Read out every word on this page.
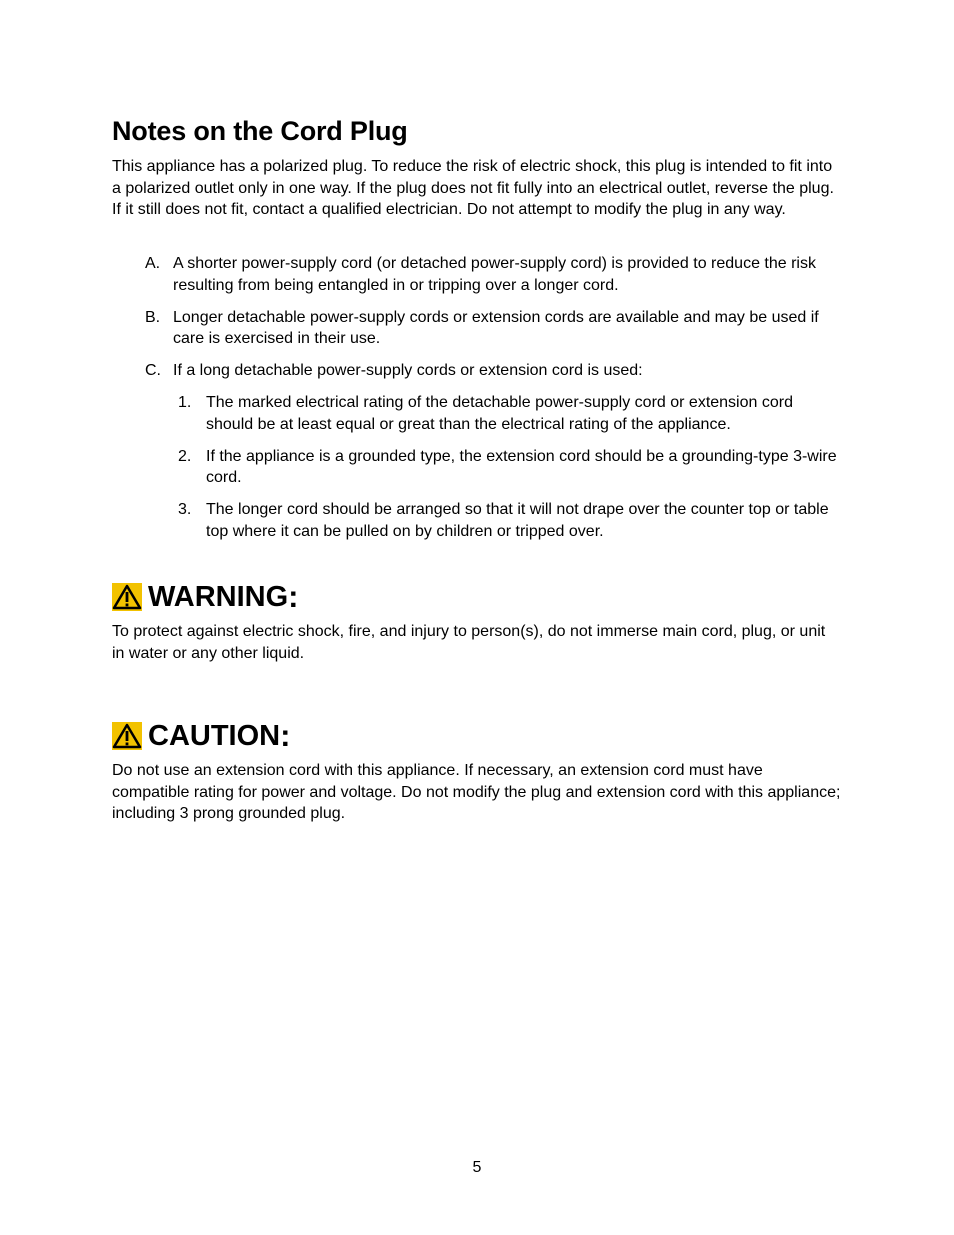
Notes on the Cord Plug

This appliance has a polarized plug. To reduce the risk of electric shock, this plug is intended to fit into a polarized outlet only in one way. If the plug does not fit fully into an electrical outlet, reverse the plug. If it still does not fit, contact a qualified electrician. Do not attempt to modify the plug in any way.

A. A shorter power-supply cord (or detached power-supply cord) is provided to reduce the risk resulting from being entangled in or tripping over a longer cord.
B. Longer detachable power-supply cords or extension cords are available and may be used if care is exercised in their use.
C. If a long detachable power-supply cords or extension cord is used:
1. The marked electrical rating of the detachable power-supply cord or extension cord should be at least equal or great than the electrical rating of the appliance.
2. If the appliance is a grounded type, the extension cord should be a grounding-type 3-wire cord.
3. The longer cord should be arranged so that it will not drape over the counter top or table top where it can be pulled on by children or tripped over.
WARNING :

To protect against electric shock, fire, and injury to person(s), do not immerse main cord, plug, or unit in water or any other liquid.

CAUTION :

Do not use an extension cord with this appliance. If necessary, an extension cord must have compatible rating for power and voltage. Do not modify the plug and extension cord with this appliance; including 3 prong grounded plug.

5
